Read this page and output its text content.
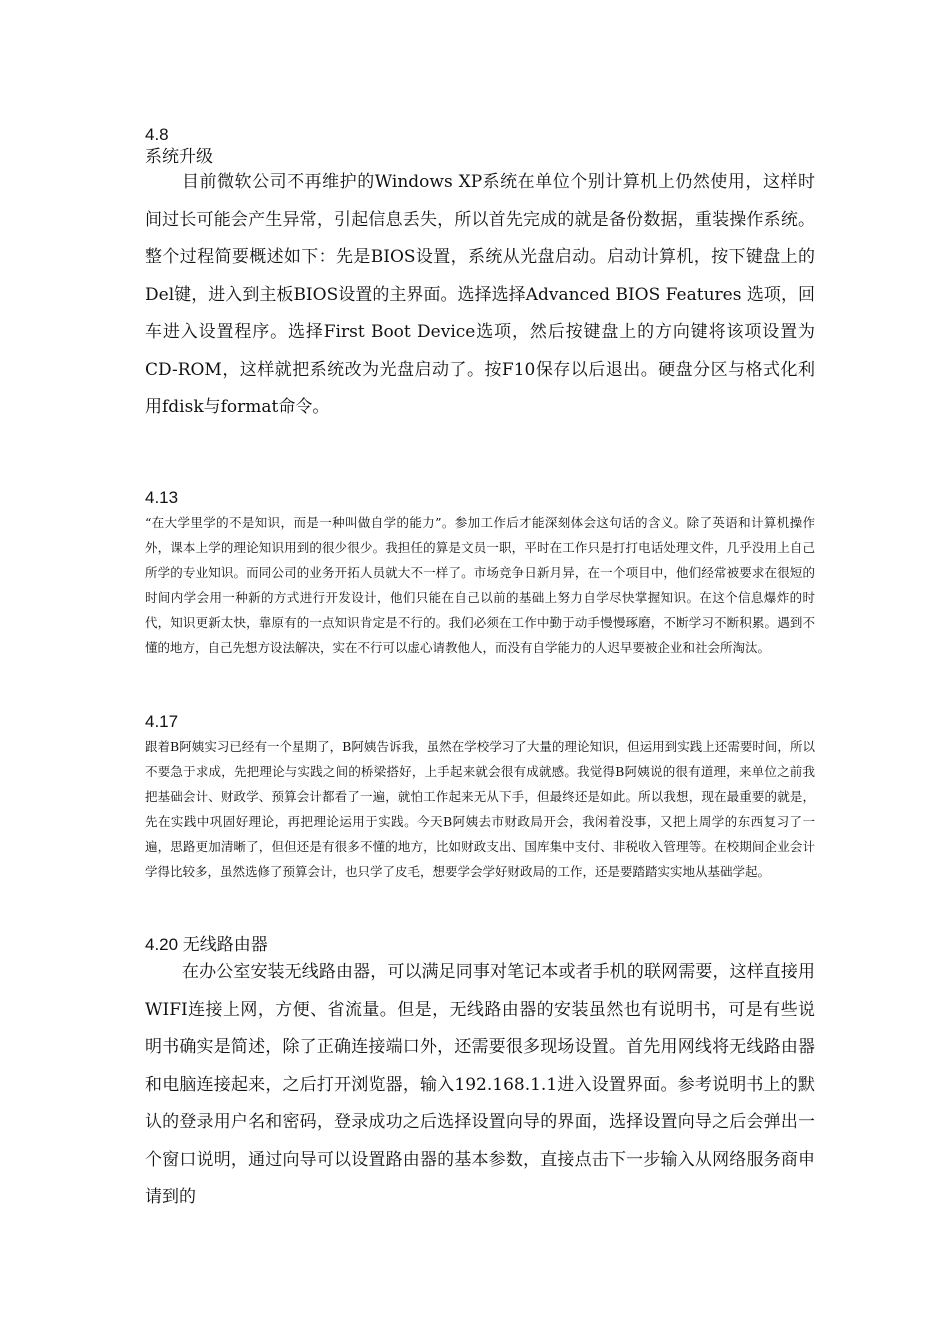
4.8
系统升级

目前微软公司不再维护的Windows XP系统在单位个别计算机上仍然使用，这样时间过长可能会产生异常，引起信息丢失，所以首先完成的就是备份数据，重装操作系统。整个过程简要概述如下：先是BIOS设置，系统从光盘启动。启动计算机，按下键盘上的Del键，进入到主板BIOS设置的主界面。选择选择Advanced BIOS Features 选项，回车进入设置程序。选择First Boot Device选项，然后按键盘上的方向键将该项设置为CD-ROM，这样就把系统改为光盘启动了。按F10保存以后退出。硬盘分区与格式化利用fdisk与format命令。

4.13

“在大学里学的不是知识，而是一种叫做自学的能力”。参加工作后才能深刻体会这句话的含义。除了英语和计算机操作外，课本上学的理论知识用到的很少很少。我担任的算是文员一职，平时在工作只是打打电话处理文件，几乎没用上自己所学的专业知识。而同公司的业务开拓人员就大不一样了。市场竞争日新月异，在一个项目中，他们经常被要求在很短的时间内学会用一种新的方式进行开发设计，他们只能在自己以前的基础上努力自学尽快掌握知识。在这个信息爆炸的时代，知识更新太快，靠原有的一点知识肯定是不行的。我们必须在工作中勤于动手慢慢琢磨，不断学习不断积累。遇到不懂的地方，自己先想方设法解决，实在不行可以虚心请教他人，而没有自学能力的人迟早要被企业和社会所淘汰。

4.17

跟着B阿姨实习已经有一个星期了，B阿姨告诉我，虽然在学校学习了大量的理论知识，但运用到实践上还需要时间，所以不要急于求成，先把理论与实践之间的桥梁搭好，上手起来就会很有成就感。我觉得B阿姨说的很有道理，来单位之前我把基础会计、财政学、预算会计都看了一遍，就怕工作起来无从下手，但最终还是如此。所以我想，现在最重要的就是，先在实践中巩固好理论，再把理论运用于实践。今天B阿姨去市财政局开会，我闲着没事，又把上周学的东西复习了一遍，思路更加清晰了，但但还是有很多不懂的地方，比如财政支出、国库集中支付、非税收入管理等。在校期间企业会计学得比较多，虽然选修了预算会计，也只学了皮毛，想要学会学好财政局的工作，还是要踏踏实实地从基础学起。

4.20 无线路由器

在办公室安装无线路由器，可以满足同事对笔记本或者手机的联网需要，这样直接用WIFI连接上网，方便、省流量。但是，无线路由器的安装虽然也有说明书，可是有些说明书确实是简述，除了正确连接端口外，还需要很多现场设置。首先用网线将无线路由器和电脑连接起来，之后打开浏览器，输入192.168.1.1进入设置界面。参考说明书上的默认的登录用户名和密码，登录成功之后选择设置向导的界面，选择设置向导之后会弹出一个窗口说明，通过向导可以设置路由器的基本参数，直接点击下一步输入从网络服务商申请到的
